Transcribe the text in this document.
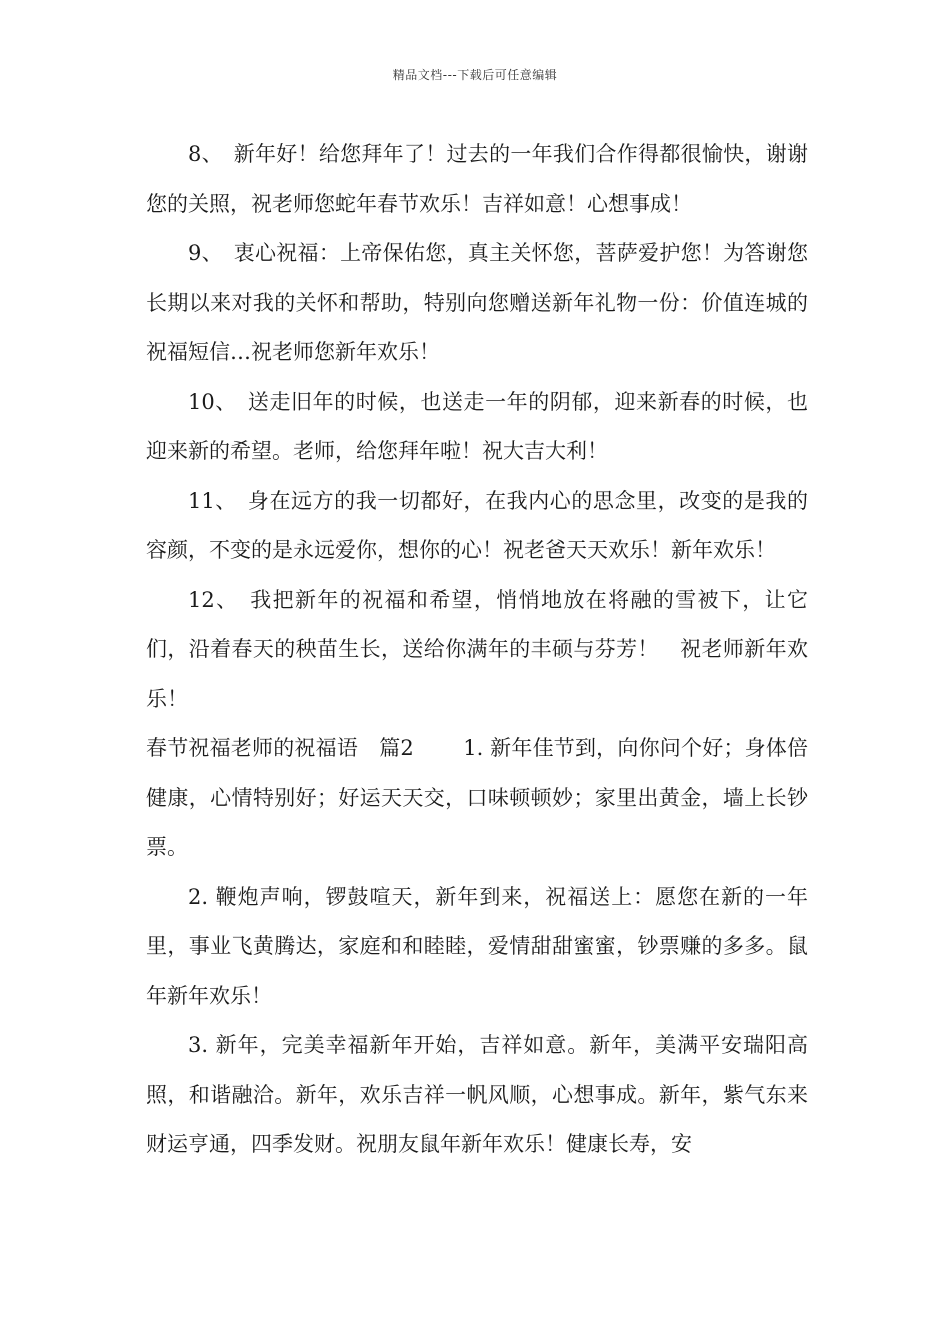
精品文档---下载后可任意编辑

8、　新年好！给您拜年了！过去的一年我们合作得都很愉快，谢谢您的关照，祝老师您蛇年春节欢乐！吉祥如意！心想事成！

9、　衷心祝福：上帝保佑您，真主关怀您，菩萨爱护您！为答谢您长期以来对我的关怀和帮助，特别向您赠送新年礼物一份：价值连城的祝福短信…祝老师您新年欢乐！

10、　送走旧年的时候，也送走一年的阴郁，迎来新春的时候，也迎来新的希望。老师，给您拜年啦！祝大吉大利！

11、　身在远方的我一切都好，在我内心的思念里，改变的是我的容颜，不变的是永远爱你，想你的心！祝老爸天天欢乐！新年欢乐！

12、　我把新年的祝福和希望，悄悄地放在将融的雪被下，让它们，沿着春天的秧苗生长，送给你满年的丰硕与芬芳！　祝老师新年欢乐！

春节祝福老师的祝福语　篇2　　 1. 新年佳节到，向你问个好；身体倍健康，心情特别好；好运天天交，口味顿顿妙；家里出黄金，墙上长钞票。

2. 鞭炮声响，锣鼓喧天，新年到来，祝福送上：愿您在新的一年里，事业飞黄腾达，家庭和和睦睦，爱情甜甜蜜蜜，钞票赚的多多。鼠年新年欢乐！

3. 新年，完美幸福新年开始，吉祥如意。新年，美满平安瑞阳高照，和谐融洽。新年，欢乐吉祥一帆风顺，心想事成。新年，紫气东来财运亨通，四季发财。祝朋友鼠年新年欢乐！健康长寿，安
